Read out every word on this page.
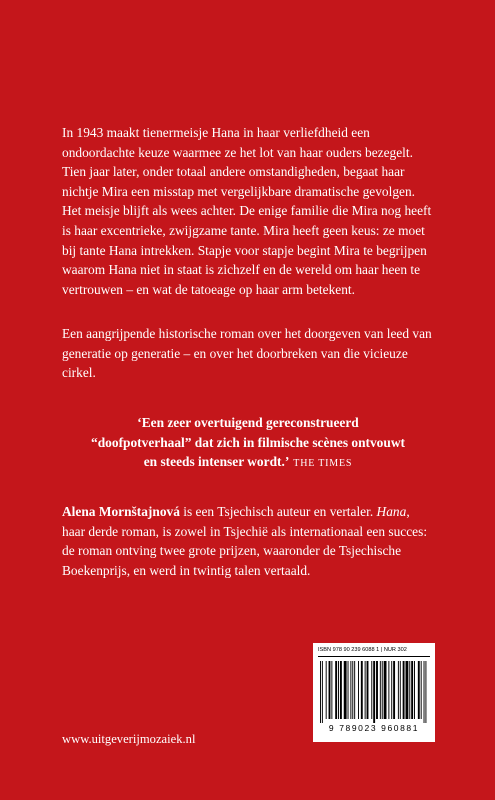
In 1943 maakt tienermeisje Hana in haar verliefdheid een ondoordachte keuze waarmee ze het lot van haar ouders bezegelt. Tien jaar later, onder totaal andere omstandigheden, begaat haar nichtje Mira een misstap met vergelijkbare dramatische gevolgen. Het meisje blijft als wees achter. De enige familie die Mira nog heeft is haar excentrieke, zwijgzame tante. Mira heeft geen keus: ze moet bij tante Hana intrekken. Stapje voor stapje begint Mira te begrijpen waarom Hana niet in staat is zichzelf en de wereld om haar heen te vertrouwen – en wat de tatoeage op haar arm betekent.

Een aangrijpende historische roman over het doorgeven van leed van generatie op generatie – en over het doorbreken van die vicieuze cirkel.

‘Een zeer overtuigend gereconstrueerd
“doofpotverhaal” dat zich in filmische scènes ontvouwt
en steeds intenser wordt.’ THE TIMES

Alena Mornštajnová is een Tsjechisch auteur en vertaler. Hana, haar derde roman, is zowel in Tsjechië als internationaal een succes: de roman ontving twee grote prijzen, waaronder de Tsjechische Boekenprijs, en werd in twintig talen vertaald.

ISBN 978 90 239 6088 1 | NUR 302
9 789023 960881

www.uitgeverijmozaiek.nl
